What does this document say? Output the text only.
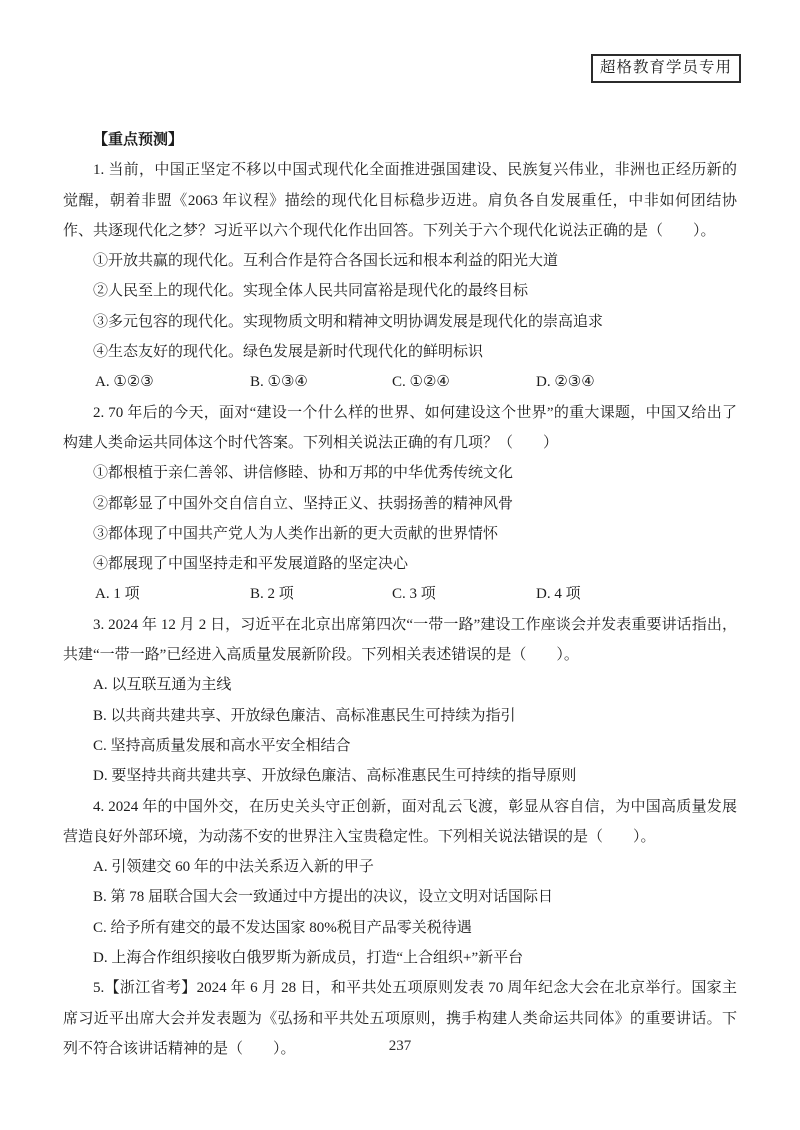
超格教育学员专用

【重点预测】

1. 当前，中国正坚定不移以中国式现代化全面推进强国建设、民族复兴伟业，非洲也正经历新的觉醒，朝着非盟《2063 年议程》描绘的现代化目标稳步迈进。肩负各自发展重任，中非如何团结协作、共逐现代化之梦？习近平以六个现代化作出回答。下列关于六个现代化说法正确的是（　　）。

①开放共赢的现代化。互利合作是符合各国长远和根本利益的阳光大道

②人民至上的现代化。实现全体人民共同富裕是现代化的最终目标

③多元包容的现代化。实现物质文明和精神文明协调发展是现代化的崇高追求

④生态友好的现代化。绿色发展是新时代现代化的鲜明标识

A. ①②③	B. ①③④	C. ①②④	D. ②③④

2. 70 年后的今天，面对“建设一个什么样的世界、如何建设这个世界”的重大课题，中国又给出了构建人类命运共同体这个时代答案。下列相关说法正确的有几项？（　　）

①都根植于亲仁善邻、讲信修睦、协和万邦的中华优秀传统文化

②都彰显了中国外交自信自立、坚持正义、扶弱扬善的精神风骨

③都体现了中国共产党人为人类作出新的更大贡献的世界情怀

④都展现了中国坚持走和平发展道路的坚定决心

A. 1 项	B. 2 项	C. 3 项	D. 4 项

3. 2024 年 12 月 2 日，习近平在北京出席第四次“一带一路”建设工作座谈会并发表重要讲话指出，共建“一带一路”已经进入高质量发展新阶段。下列相关表述错误的是（　　）。

A. 以互联互通为主线

B. 以共商共建共享、开放绿色廉洁、高标准惠民生可持续为指引

C. 坚持高质量发展和高水平安全相结合

D. 要坚持共商共建共享、开放绿色廉洁、高标准惠民生可持续的指导原则

4. 2024 年的中国外交，在历史关头守正创新，面对乱云飞渡，彰显从容自信，为中国高质量发展营造良好外部环境，为动荡不安的世界注入宝贵稳定性。下列相关说法错误的是（　　）。

A. 引领建交 60 年的中法关系迈入新的甲子

B. 第 78 届联合国大会一致通过中方提出的决议，设立文明对话国际日

C. 给予所有建交的最不发达国家 80%税目产品零关税待遇

D. 上海合作组织接收白俄罗斯为新成员，打造“上合组织+”新平台

5.【浙江省考】2024 年 6 月 28 日，和平共处五项原则发表 70 周年纪念大会在北京举行。国家主席习近平出席大会并发表题为《弘扬和平共处五项原则，携手构建人类命运共同体》的重要讲话。下列不符合该讲话精神的是（　　）。	237
